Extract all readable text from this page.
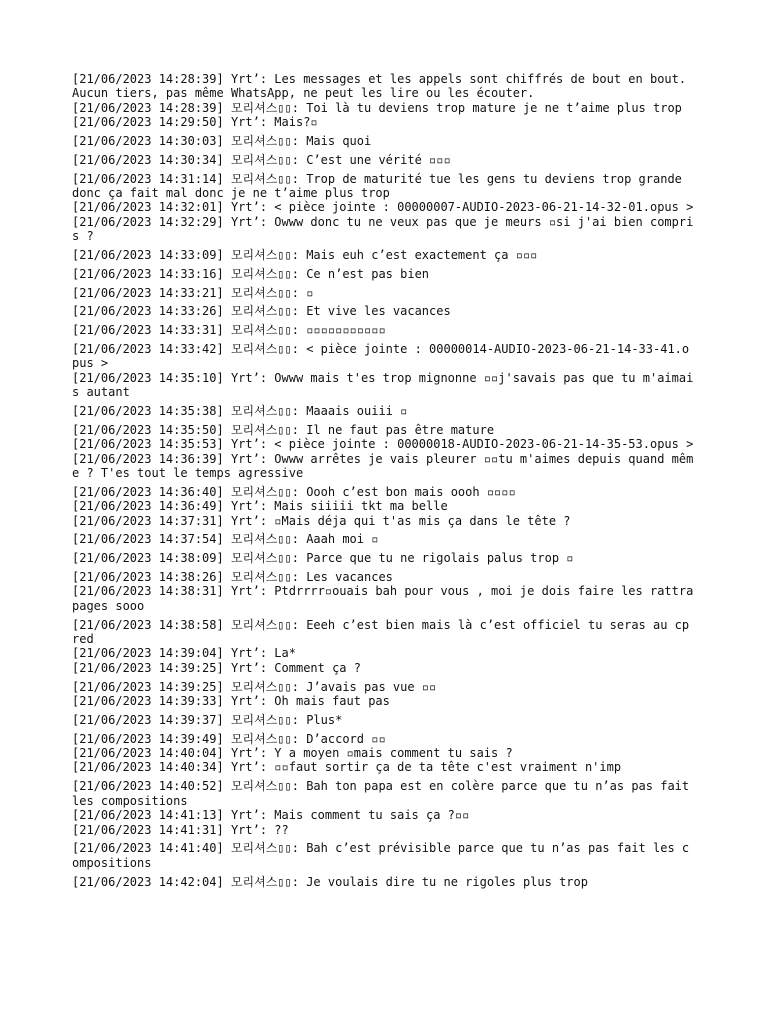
[21/06/2023 14:28:39] Yrt’: Les messages et les appels sont chiffrés de bout en bout. Aucun tiers, pas même WhatsApp, ne peut les lire ou les écouter.
[21/06/2023 14:28:39] 모리셔스▯▯: Toi là tu deviens trop mature je ne t’aime plus trop
[21/06/2023 14:29:50] Yrt’: Mais?▫
[21/06/2023 14:30:03] 모리셔스▯▯: Mais quoi
[21/06/2023 14:30:34] 모리셔스▯▯: C’est une vérité ▫▫▫
[21/06/2023 14:31:14] 모리셔스▯▯: Trop de maturité tue les gens tu deviens trop grande donc ça fait mal donc je ne t’aime plus trop
[21/06/2023 14:32:01] Yrt’: < pièce jointe : 00000007-AUDIO-2023-06-21-14-32-01.opus >
[21/06/2023 14:32:29] Yrt’: Owww donc tu ne veux pas que je meurs ▫si j'ai bien compris ?
[21/06/2023 14:33:09] 모리셔스▯▯: Mais euh c’est exactement ça ▫▫▫
[21/06/2023 14:33:16] 모리셔스▯▯: Ce n’est pas bien
[21/06/2023 14:33:21] 모리셔스▯▯: ▫
[21/06/2023 14:33:26] 모리셔스▯▯: Et vive les vacances
[21/06/2023 14:33:31] 모리셔스▯▯: ▫▫▫▫▫▫▫▫▫▫▫
[21/06/2023 14:33:42] 모리셔스▯▯: < pièce jointe : 00000014-AUDIO-2023-06-21-14-33-41.opus >
[21/06/2023 14:35:10] Yrt’: Owww mais t'es trop mignonne ▫▫j'savais pas que tu m'aimais autant
[21/06/2023 14:35:38] 모리셔스▯▯: Maaais ouiii ▫
[21/06/2023 14:35:50] 모리셔스▯▯: Il ne faut pas être mature
[21/06/2023 14:35:53] Yrt’: < pièce jointe : 00000018-AUDIO-2023-06-21-14-35-53.opus >
[21/06/2023 14:36:39] Yrt’: Owww arrêtes je vais pleurer ▫▫tu m'aimes depuis quand même ? T'es tout le temps agressive
[21/06/2023 14:36:40] 모리셔스▯▯: Oooh c’est bon mais oooh ▫▫▫▫
[21/06/2023 14:36:49] Yrt’: Mais siiiii tkt ma belle
[21/06/2023 14:37:31] Yrt’: ▫Mais déja qui t'as mis ça dans le tête ?
[21/06/2023 14:37:54] 모리셔스▯▯: Aaah moi ▫
[21/06/2023 14:38:09] 모리셔스▯▯: Parce que tu ne rigolais palus trop ▫
[21/06/2023 14:38:26] 모리셔스▯▯: Les vacances
[21/06/2023 14:38:31] Yrt’: Ptdrrrr▫ouais bah pour vous , moi je dois faire les rattrapages sooo
[21/06/2023 14:38:58] 모리셔스▯▯: Eeeh c’est bien mais là c’est officiel tu seras au cpred
[21/06/2023 14:39:04] Yrt’: La*
[21/06/2023 14:39:25] Yrt’: Comment ça ?
[21/06/2023 14:39:25] 모리셔스▯▯: J’avais pas vue ▫▫
[21/06/2023 14:39:33] Yrt’: Oh mais faut pas
[21/06/2023 14:39:37] 모리셔스▯▯: Plus*
[21/06/2023 14:39:49] 모리셔스▯▯: D’accord ▫▫
[21/06/2023 14:40:04] Yrt’: Y a moyen ▫mais comment tu sais ?
[21/06/2023 14:40:34] Yrt’: ▫▫faut sortir ça de ta tête c'est vraiment n'imp
[21/06/2023 14:40:52] 모리셔스▯▯: Bah ton papa est en colère parce que tu n’as pas fait les compositions
[21/06/2023 14:41:13] Yrt’: Mais comment tu sais ça ?▫▫
[21/06/2023 14:41:31] Yrt’: ??
[21/06/2023 14:41:40] 모리셔스▯▯: Bah c’est prévisible parce que tu n’as pas fait les compositions
[21/06/2023 14:42:04] 모리셔스▯▯: Je voulais dire tu ne rigoles plus trop
